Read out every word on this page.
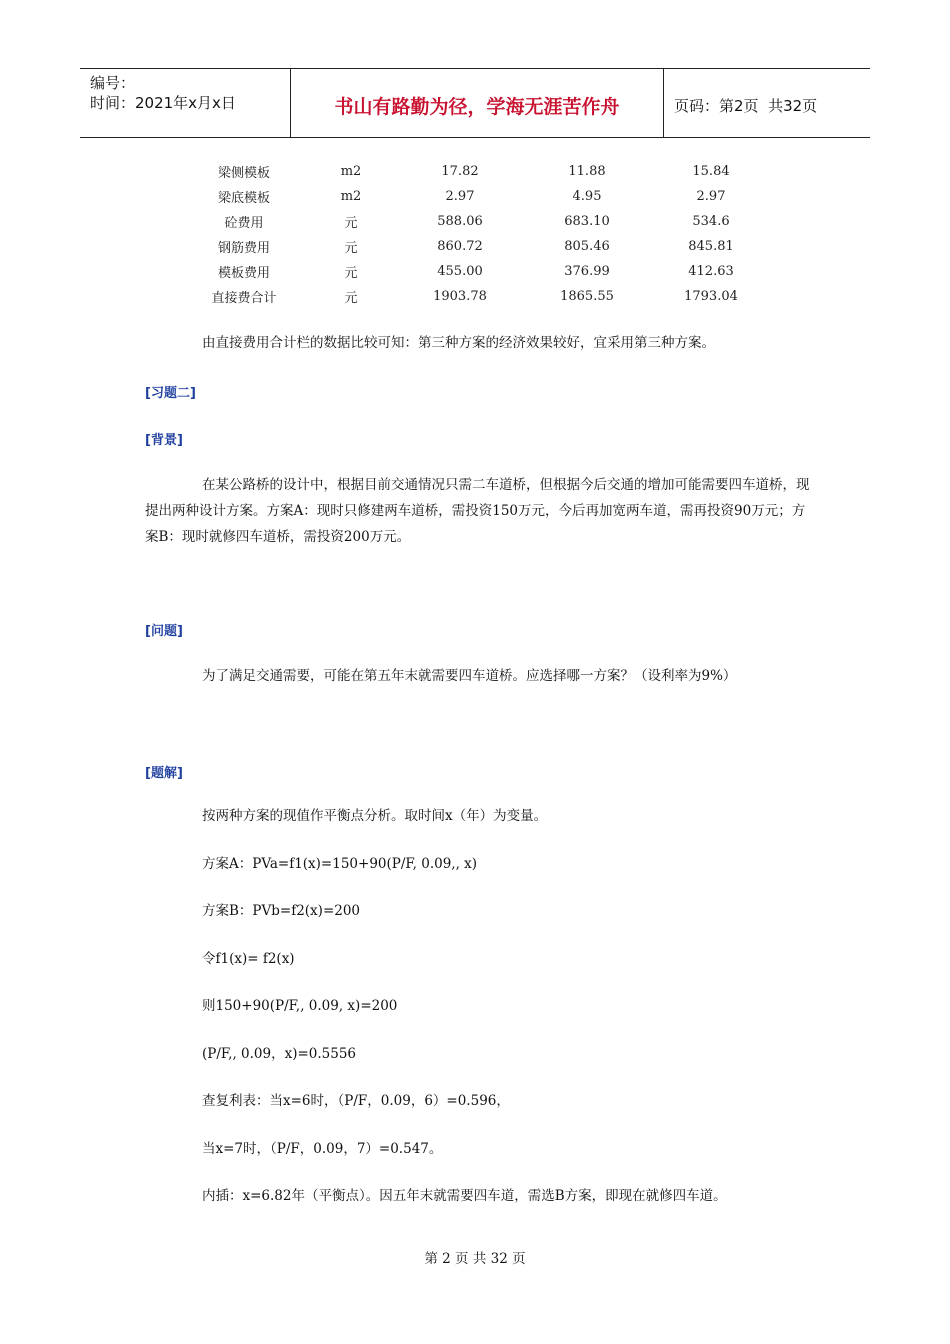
编号：
时间：2021年x月x日	书山有路勤为径，学海无涯苦作舟	页码：第2页  共32页
梁侧模板	m2	17.82	11.88	15.84
梁底模板	m2	2.97	4.95	2.97
砼费用	元	588.06	683.10	534.6
钢筋费用	元	860.72	805.46	845.81
模板费用	元	455.00	376.99	412.63
直接费合计	元	1903.78	1865.55	1793.04
由直接费用合计栏的数据比较可知：第三种方案的经济效果较好，宜采用第三种方案。
[习题二]
[背景]
在某公路桥的设计中，根据目前交通情况只需二车道桥，但根据今后交通的增加可能需要四车道桥，现提出两种设计方案。方案A：现时只修建两车道桥，需投资150万元，今后再加宽两车道，需再投资90万元；方案B：现时就修四车道桥，需投资200万元。
[问题]
为了满足交通需要，可能在第五年末就需要四车道桥。应选择哪一方案？（设利率为9%）
[题解]
按两种方案的现值作平衡点分析。取时间x（年）为变量。
方案A：PVa=f1(x)=150+90(P/F, 0.09,, x)
方案B：PVb=f2(x)=200
令f1(x)= f2(x)
则150+90(P/F,, 0.09, x)=200
(P/F,, 0.09，x)=0.5556
查复利表：当x=6时，（P/F，0.09，6）=0.596，
当x=7时，（P/F，0.09，7）=0.547。
内插：x=6.82年（平衡点）。因五年末就需要四车道，需选B方案，即现在就修四车道。
第 2 页 共 32 页
